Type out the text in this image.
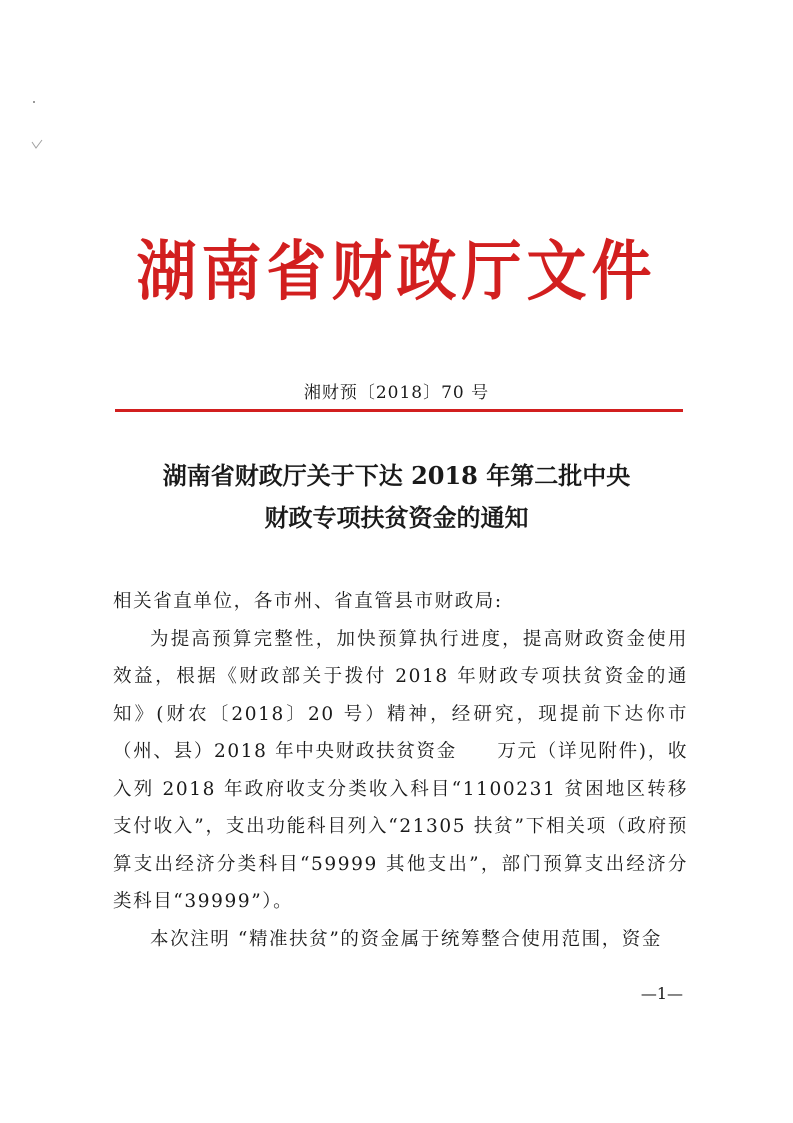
湖南省财政厅文件
湘财预〔2018〕70 号
湖南省财政厅关于下达 2018 年第二批中央
财政专项扶贫资金的通知

相关省直单位，各市州、省直管县市财政局:

为提高预算完整性，加快预算执行进度，提高财政资金使用效益，根据《财政部关于拨付 2018 年财政专项扶贫资金的通知》(财农〔2018〕20 号）精神，经研究，现提前下达你市（州、县）2018 年中央财政扶贫资金　　万元（详见附件)，收入列 2018 年政府收支分类收入科目“1100231 贫困地区转移支付收入”，支出功能科目列入“21305 扶贫”下相关项（政府预算支出经济分类科目“59999 其他支出”，部门预算支出经济分类科目“39999”）。

本次注明 “精准扶贫”的资金属于统筹整合使用范围，资金

—1—
